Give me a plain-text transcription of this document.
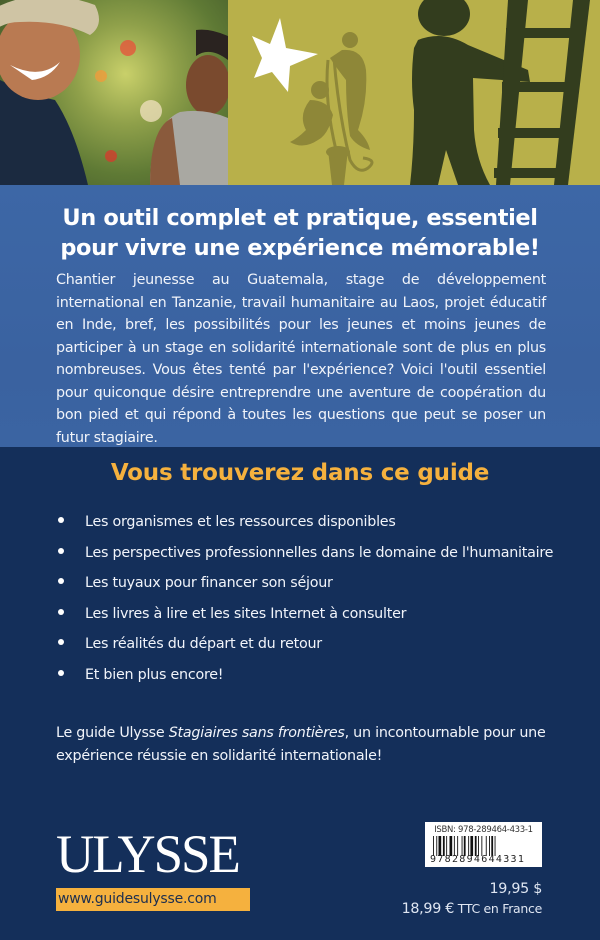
Un outil complet et pratique, essentiel
pour vivre une expérience mémorable!

Chantier jeunesse au Guatemala, stage de développement international en Tanzanie, travail humanitaire au Laos, projet éducatif en Inde, bref, les possibilités pour les jeunes et moins jeunes de participer à un stage en solidarité internationale sont de plus en plus nombreuses. Vous êtes tenté par l'expérience? Voici l'outil essentiel pour quiconque désire entreprendre une aventure de coopération du bon pied et qui répond à toutes les questions que peut se poser un futur stagiaire.

Vous trouverez dans ce guide
Les organismes et les ressources disponibles
Les perspectives professionnelles dans le domaine de l'humanitaire
Les tuyaux pour financer son séjour
Les livres à lire et les sites Internet à consulter
Les réalités du départ et du retour
Et bien plus encore!

Le guide Ulysse Stagiaires sans frontières, un incontournable pour une expérience réussie en solidarité internationale!

ULYSSE
www.guidesulysse.com
ISBN: 978-289464-433-1
9782894644331
19,95 $
18,99 € TTC en France
